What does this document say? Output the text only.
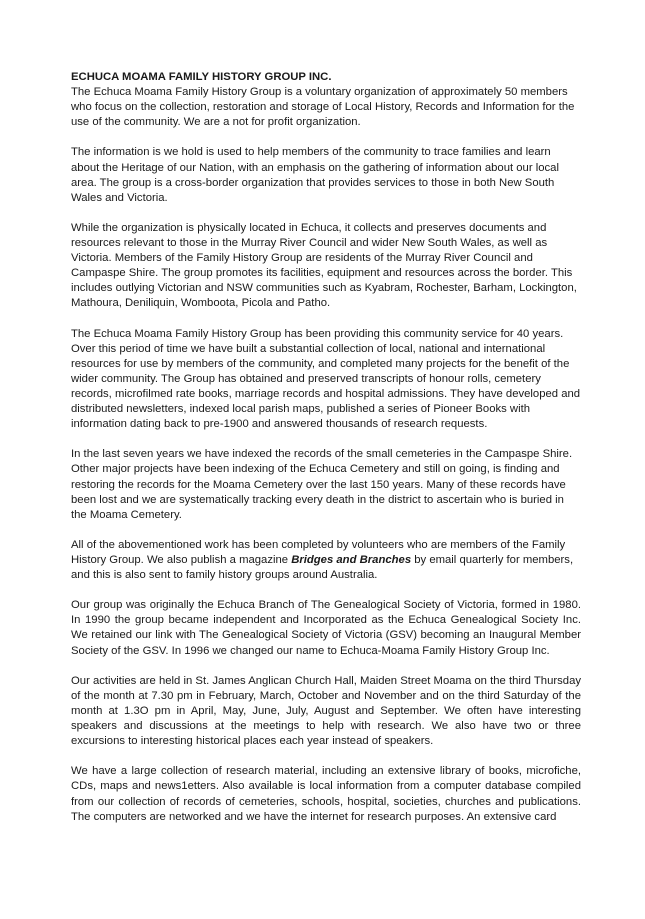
ECHUCA MOAMA FAMILY HISTORY GROUP INC.

The Echuca Moama Family History Group is a voluntary organization of approximately 50 members who focus on the collection, restoration and storage of Local History, Records and Information for the use of the community. We are a not for profit organization.

The information is we hold is used to help members of the community to trace families and learn about the Heritage of our Nation, with an emphasis on the gathering of information about our local area. The group is a cross-border organization that provides services to those in both New South Wales and Victoria.

While the organization is physically located in Echuca, it collects and preserves documents and resources relevant to those in the Murray River Council and wider New South Wales, as well as Victoria. Members of the Family History Group are residents of the Murray River Council and Campaspe Shire. The group promotes its facilities, equipment and resources across the border. This includes outlying Victorian and NSW communities such as Kyabram, Rochester, Barham, Lockington, Mathoura, Deniliquin, Womboota, Picola and Patho.

The Echuca Moama Family History Group has been providing this community service for 40 years. Over this period of time we have built a substantial collection of local, national and international resources for use by members of the community, and completed many projects for the benefit of the wider community. The Group has obtained and preserved transcripts of honour rolls, cemetery records, microfilmed rate books, marriage records and hospital admissions. They have developed and distributed newsletters, indexed local parish maps, published a series of Pioneer Books with information dating back to pre-1900 and answered thousands of research requests.

In the last seven years we have indexed the records of the small cemeteries in the Campaspe Shire. Other major projects have been indexing of the Echuca Cemetery and still on going, is finding and restoring the records for the Moama Cemetery over the last 150 years. Many of these records have been lost and we are systematically tracking every death in the district to ascertain who is buried in the Moama Cemetery.

All of the abovementioned work has been completed by volunteers who are members of the Family History Group. We also publish a magazine Bridges and Branches by email quarterly for members, and this is also sent to family history groups around Australia.

Our group was originally the Echuca Branch of The Genealogical Society of Victoria, formed in 1980. In 1990 the group became independent and Incorporated as the Echuca Genealogical Society Inc. We retained our link with The Genealogical Society of Victoria (GSV) becoming an Inaugural Member Society of the GSV. In 1996 we changed our name to Echuca-Moama Family History Group Inc.

Our activities are held in St. James Anglican Church Hall, Maiden Street Moama on the third Thursday of the month at 7.30 pm in February, March, October and November and on the third Saturday of the month at 1.3O pm in April, May, June, July, August and September. We often have interesting speakers and discussions at the meetings to help with research. We also have two or three excursions to interesting historical places each year instead of speakers.

We have a large collection of research material, including an extensive library of books, microfiche, CDs, maps and news1etters. Also available is local information from a computer database compiled from our collection of records of cemeteries, schools, hospital, societies, churches and publications. The computers are networked and we have the internet for research purposes. An extensive card
